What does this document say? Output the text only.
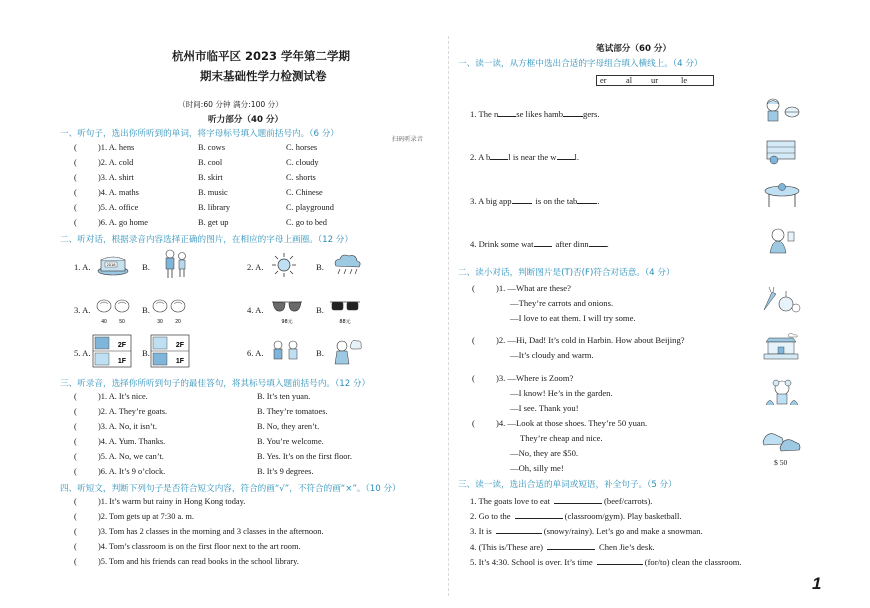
杭州市临平区 2023 学年第二学期
期末基础性学力检测试卷
（时间:60 分钟 满分:100 分）
听力部分（40 分）
扫码听录音
一、听句子，选出你所听到的单词，将字母标号填入题前括号内。（6 分）
(	)1. A. hens	B. cows	C. horses
(	)2. A. cold	B. cool	C. cloudy
(	)3. A. shirt	B. skirt	C. shorts
(	)4. A. maths	B. music	C. Chinese
(	)5. A. office	B. library	C. playground
(	)6. A. go home	B. get up	C. go to bed
二、听对话，根据录音内容选择正确的图片，在相应的字母上画圈。（12 分）
1. A.	2018	B.	2. A.	B.
3. A.
40 50
B.
30 20
4. A.
98元
B.
88元
5. A.
2F
1F
B.
2F
1F
6. A.	B.
三、听录音，选择你所听到句子的最佳答句，将其标号填入题前括号内。（12 分）
(	)1. A. It’s nice.	B. It’s ten yuan.
(	)2. A. They’re goats.	B. They’re tomatoes.
(	)3. A. No, it isn’t.	B. No, they aren’t.
(	)4. A. Yum. Thanks.	B. You’re welcome.
(	)5. A. No, we can’t.	B. Yes. It’s on the first floor.
(	)6. A. It’s 9 o’clock.	B. It’s 9 degrees.
四、听短文，判断下列句子是否符合短文内容，符合的画“√”，不符合的画“×”。（10 分）
(	)1. It’s warm but rainy in Hong Kong today.
(	)2. Tom gets up at 7:30 a. m.
(	)3. Tom has 2 classes in the morning and 3 classes in the afternoon.
(	)4. Tom’s classroom is on the first floor next to the art room.
(	)5. Tom and his friends can read books in the school library.
笔试部分（60 分）
一、读一读，从方框中选出合适的字母组合填入横线上。（4 分）
er al ur	le
1. The n se likes hamb gers.
2. A b l is near the w l.
3. A big app	is on the tab .
4. Drink some wat	after dinn .
二、读小对话，判断图片是(T)否(F)符合对话意。（4 分）
( )1. —What are these?
—They’re carrots and onions.
—I love to eat them. I will try some.
( )2. —Hi, Dad! It’s cold in Harbin. How about Beijing?
—It’s cloudy and warm.
( )3. —Where is Zoom?
—I know! He’s in the garden.
—I see. Thank you!
( )4. —Look at those shoes. They’re 50 yuan.
They’re cheap and nice.
—No, they are $50.
—Oh, silly me!
$ 50
三、读一读，选出合适的单词或短语，补全句子。（5 分）
1. The goats love to eat	(beef/carrots).
2. Go to the	(classroom/gym). Play basketball.
3. It is	(snowy/rainy). Let’s go and make a snowman.
4. (This is/These are)	Chen Jie’s desk.
5. It’s 4:30. School is over. It’s time	(for/to) clean the classroom.
1
